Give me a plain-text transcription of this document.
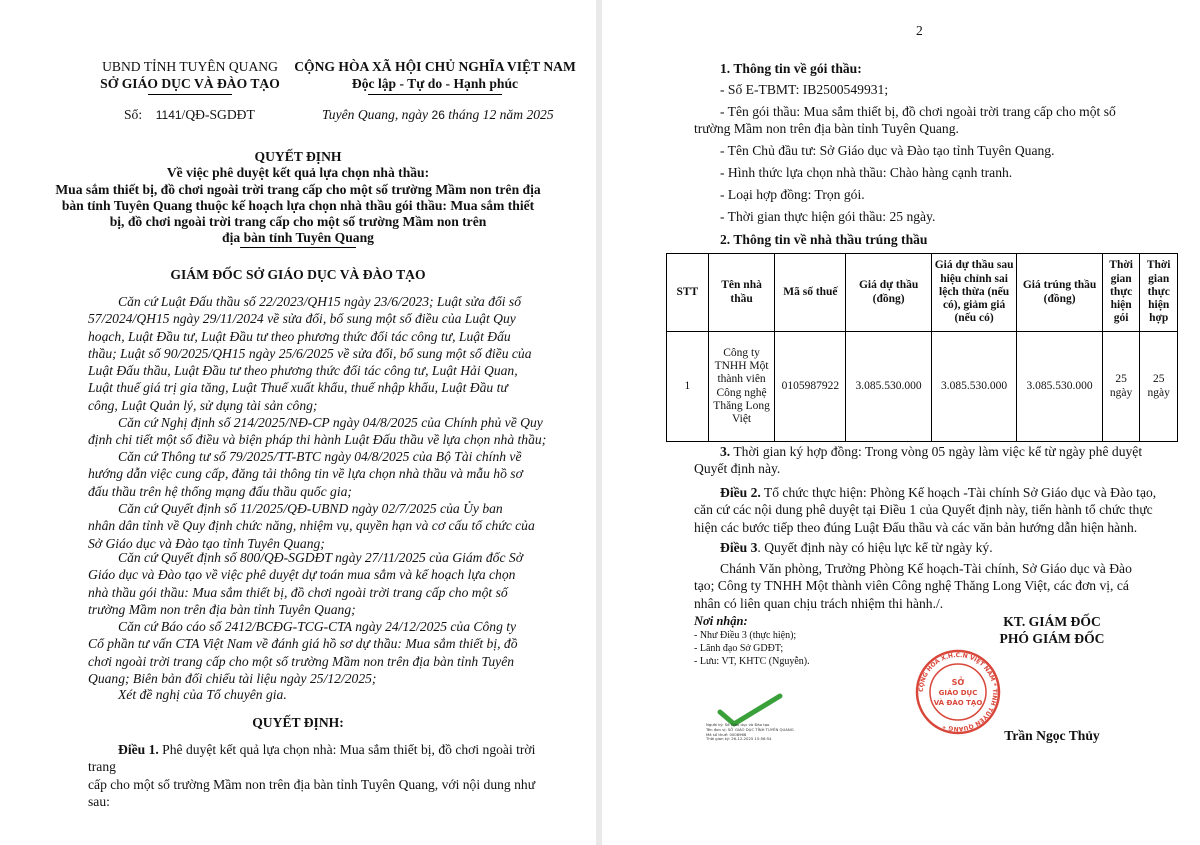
UBND TỈNH TUYÊN QUANG
SỞ GIÁO DỤC VÀ ĐÀO TẠO
CỘNG HÒA XÃ HỘI CHỦ NGHĨA VIỆT NAM
Độc lập - Tự do - Hạnh phúc
Số: 1141/QĐ-SGDĐT	Tuyên Quang, ngày 26 tháng 12 năm 2025
QUYẾT ĐỊNH
Về việc phê duyệt kết quả lựa chọn nhà thầu:
Mua sắm thiết bị, đồ chơi ngoài trời trang cấp cho một số trường Mầm non trên địa
bàn tỉnh Tuyên Quang thuộc kế hoạch lựa chọn nhà thầu gói thầu: Mua sắm thiết
bị, đồ chơi ngoài trời trang cấp cho một số trường Mầm non trên
địa bàn tỉnh Tuyên Quang
GIÁM ĐỐC SỞ GIÁO DỤC VÀ ĐÀO TẠO
Căn cứ Luật Đấu thầu số 22/2023/QH15 ngày 23/6/2023; Luật sửa đổi số
57/2024/QH15 ngày 29/11/2024 về sửa đổi, bổ sung một số điều của Luật Quy
hoạch, Luật Đầu tư, Luật Đầu tư theo phương thức đối tác công tư, Luật Đấu
thầu; Luật số 90/2025/QH15 ngày 25/6/2025 về sửa đổi, bổ sung một số điều của
Luật Đấu thầu, Luật Đầu tư theo phương thức đối tác công tư, Luật Hải Quan,
Luật thuế giá trị gia tăng, Luật Thuế xuất khẩu, thuế nhập khẩu, Luật Đầu tư
công, Luật Quản lý, sử dụng tài sản công;
Căn cứ Nghị định số 214/2025/NĐ-CP ngày 04/8/2025 của Chính phủ về Quy
định chi tiết một số điều và biện pháp thi hành Luật Đấu thầu về lựa chọn nhà thầu;
Căn cứ Thông tư số 79/2025/TT-BTC ngày 04/8/2025 của Bộ Tài chính về
hướng dẫn việc cung cấp, đăng tải thông tin về lựa chọn nhà thầu và mẫu hồ sơ
đấu thầu trên hệ thống mạng đấu thầu quốc gia;
Căn cứ Quyết định số 11/2025/QĐ-UBND ngày 02/7/2025 của Ủy ban
nhân dân tỉnh về Quy định chức năng, nhiệm vụ, quyền hạn và cơ cấu tổ chức của
Sở Giáo dục và Đào tạo tỉnh Tuyên Quang;
Căn cứ Quyết định số 800/QĐ-SGDĐT ngày 27/11/2025 của Giám đốc Sở
Giáo dục và Đào tạo về việc phê duyệt dự toán mua sắm và kế hoạch lựa chọn
nhà thầu gói thầu: Mua sắm thiết bị, đồ chơi ngoài trời trang cấp cho một số
trường Mầm non trên địa bàn tỉnh Tuyên Quang;
Căn cứ Báo cáo số 2412/BCĐG-TCG-CTA ngày 24/12/2025 của Công ty
Cổ phần tư vấn CTA Việt Nam về đánh giá hồ sơ dự thầu: Mua sắm thiết bị, đồ
chơi ngoài trời trang cấp cho một số trường Mầm non trên địa bàn tỉnh Tuyên
Quang; Biên bản đối chiếu tài liệu ngày 25/12/2025;
Xét đề nghị của Tổ chuyên gia.
QUYẾT ĐỊNH:
Điều 1. Phê duyệt kết quả lựa chọn nhà: Mua sắm thiết bị, đồ chơi ngoài trời trang
cấp cho một số trường Mầm non trên địa bàn tỉnh Tuyên Quang, với nội dung như sau:
2
1. Thông tin về gói thầu:
- Số E-TBMT: IB2500549931;
- Tên gói thầu: Mua sắm thiết bị, đồ chơi ngoài trời trang cấp cho một số
trường Mầm non trên địa bàn tỉnh Tuyên Quang.
- Tên Chủ đầu tư: Sở Giáo dục và Đào tạo tỉnh Tuyên Quang.
- Hình thức lựa chọn nhà thầu: Chào hàng cạnh tranh.
- Loại hợp đồng: Trọn gói.
- Thời gian thực hiện gói thầu: 25 ngày.
2. Thông tin về nhà thầu trúng thầu
STT	Tên nhà thầu	Mã số thuế	Giá dự thầu (đồng)	Giá dự thầu sau hiệu chỉnh sai lệch thừa (nếu có), giảm giá (nếu có)	Giá trúng thầu (đồng)	Thời gian thực hiện gói	Thời gian thực hiện hợp
1	Công ty TNHH Một thành viên Công nghệ Thăng Long Việt	0105987922	3.085.530.000	3.085.530.000	3.085.530.000	25 ngày	25 ngày
3. Thời gian ký hợp đồng: Trong vòng 05 ngày làm việc kể từ ngày phê duyệt
Quyết định này.
Điều 2. Tổ chức thực hiện: Phòng Kế hoạch -Tài chính Sở Giáo dục và Đào tạo,
căn cứ các nội dung phê duyệt tại Điều 1 của Quyết định này, tiến hành tổ chức thực
hiện các bước tiếp theo đúng Luật Đấu thầu và các văn bản hướng dẫn hiện hành.
Điều 3. Quyết định này có hiệu lực kể từ ngày ký.
Chánh Văn phòng, Trưởng Phòng Kế hoạch-Tài chính, Sở Giáo dục và Đào
tạo; Công ty TNHH Một thành viên Công nghệ Thăng Long Việt, các đơn vị, cá
nhân có liên quan chịu trách nhiệm thi hành./.
Nơi nhận:
- Như Điều 3 (thực hiện);
- Lãnh đạo Sở GDĐT;
- Lưu: VT, KHTC (Nguyễn).
KT. GIÁM ĐỐC
PHÓ GIÁM ĐỐC
CỘNG HÒA X.H.C.N VIỆT NAM * TỈNH TUYÊN QUANG *
SỞ
GIÁO DỤC
VÀ ĐÀO TẠO
Người ký: Sở Giáo dục và Đào tạo
Tên đơn vị: SỞ GIÁO DỤC TỈNH TUYÊN QUANG
Mã số thuế: 0008968
Thời gian ký: 26-12-2025 15:56:54	Trần Ngọc Thủy
